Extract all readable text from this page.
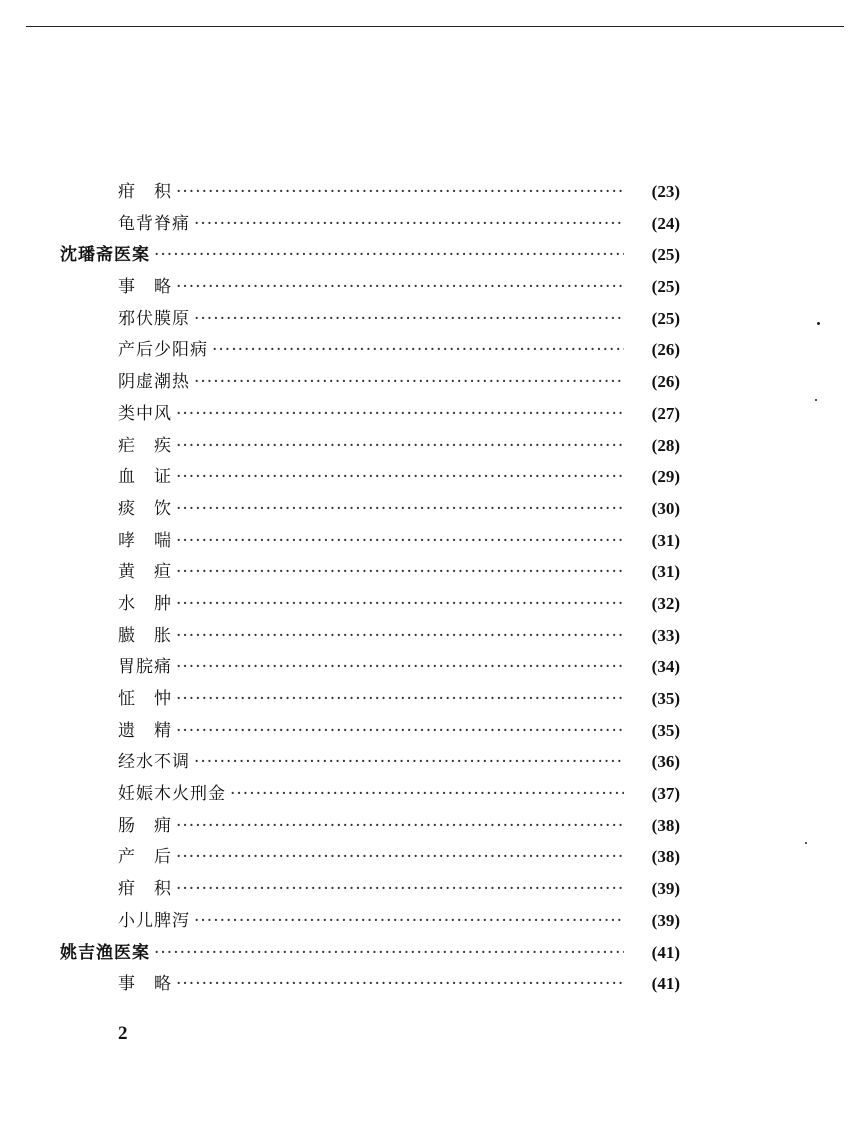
疳　积 ·····	(23)
龟背脊痛 ·····	(24)
沈璠斋医案 ·····	(25)
事　略 ·····	(25)
邪伏膜原 ·····	(25)
产后少阳病 ·····	(26)
阴虚潮热 ·····	(26)
类中风 ·····	(27)
疟　疾 ·····	(28)
血　证 ·····	(29)
痰　饮 ·····	(30)
哮　喘 ·····	(31)
黄　疸 ·····	(31)
水　肿 ·····	(32)
臌　胀 ·····	(33)
胃脘痛 ·····	(34)
怔　忡 ·····	(35)
遗　精 ·····	(35)
经水不调 ·····	(36)
妊娠木火刑金 ·····	(37)
肠　痈 ·····	(38)
产　后 ·····	(38)
疳　积 ·····	(39)
小儿脾泻 ·····	(39)
姚吉渔医案 ·····	(41)
事　略 ·····	(41)
2
